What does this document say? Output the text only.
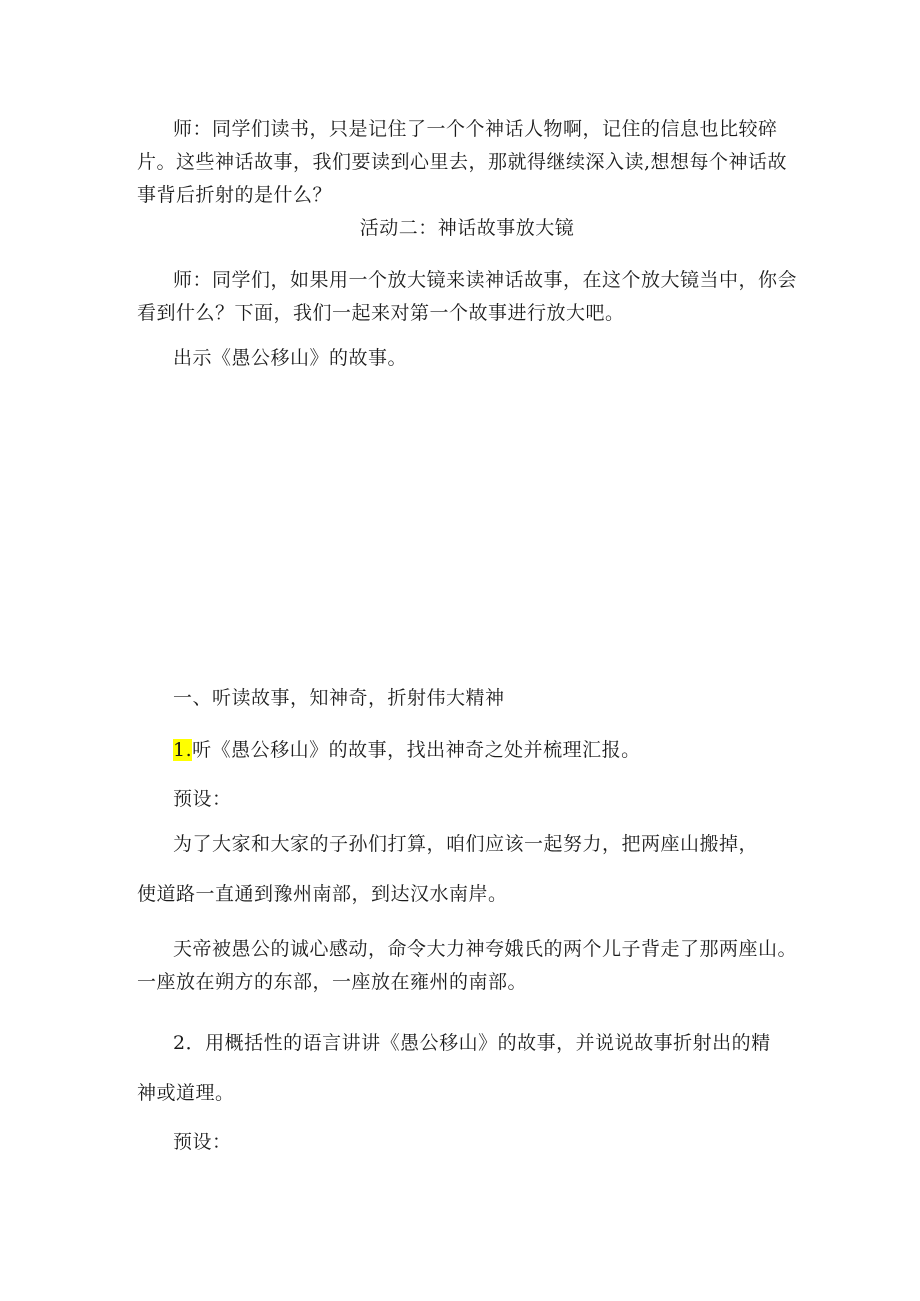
师：同学们读书，只是记住了一个个神话人物啊，记住的信息也比较碎片。这些神话故事，我们要读到心里去，那就得继续深入读,想想每个神话故事背后折射的是什么？

活动二：神话故事放大镜

师：同学们，如果用一个放大镜来读神话故事，在这个放大镜当中，你会看到什么？下面，我们一起来对第一个故事进行放大吧。

出示《愚公移山》的故事。

一、听读故事，知神奇，折射伟大精神

1.听《愚公移山》的故事，找出神奇之处并梳理汇报。

预设：

为了大家和大家的子孙们打算，咱们应该一起努力，把两座山搬掉，

使道路一直通到豫州南部，到达汉水南岸。

天帝被愚公的诚心感动，命令大力神夸娥氏的两个儿子背走了那两座山。一座放在朔方的东部，一座放在雍州的南部。

2．用概括性的语言讲讲《愚公移山》的故事，并说说故事折射出的精

神或道理。

预设：
